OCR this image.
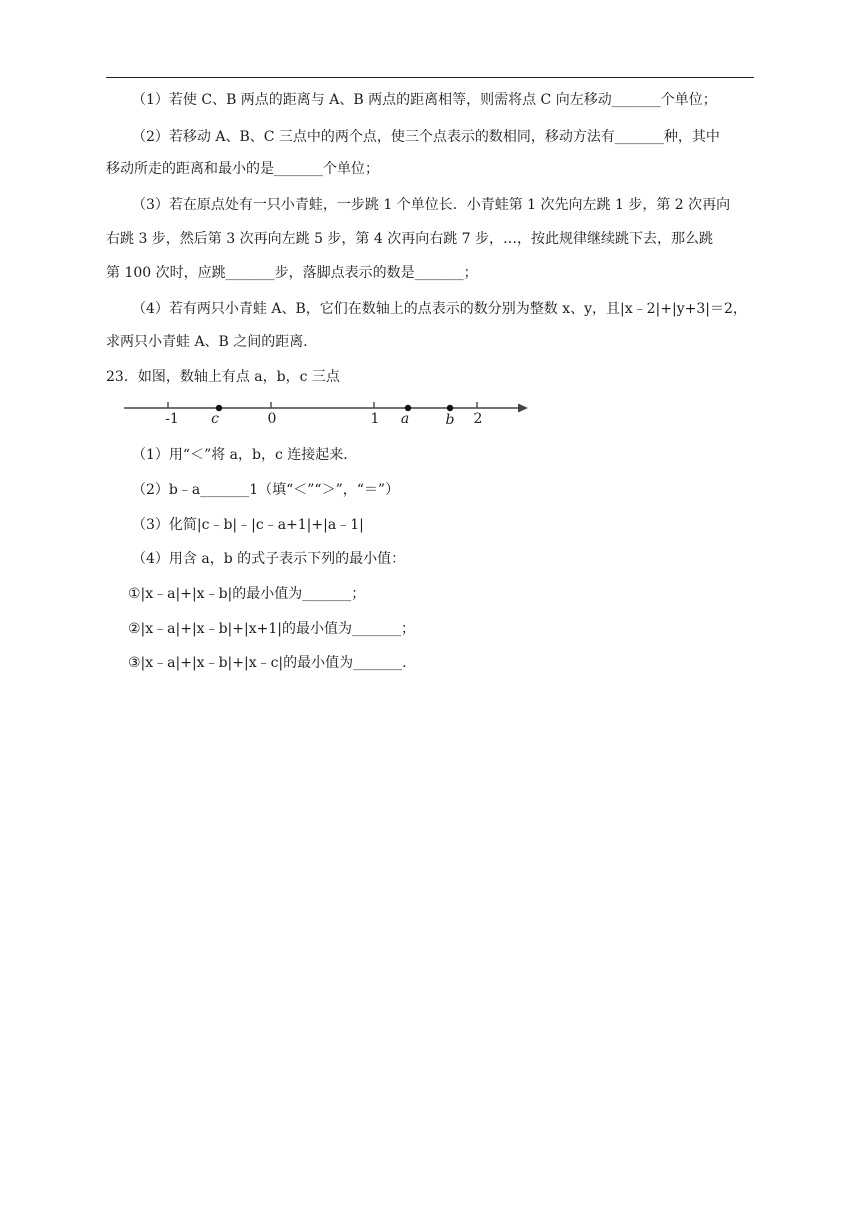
（1）若使 C、B 两点的距离与 A、B 两点的距离相等，则需将点 C 向左移动_______个单位；
（2）若移动 A、B、C 三点中的两个点，使三个点表示的数相同，移动方法有_______种，其中
移动所走的距离和最小的是_______个单位；
（3）若在原点处有一只小青蛙，一步跳 1 个单位长．小青蛙第 1 次先向左跳 1 步，第 2 次再向
右跳 3 步，然后第 3 次再向左跳 5 步，第 4 次再向右跳 7 步，…，按此规律继续跳下去，那么跳
第 100 次时，应跳_______步，落脚点表示的数是_______；
（4）若有两只小青蛙 A、B，它们在数轴上的点表示的数分别为整数 x、y，且|x﹣2|+|y+3|＝2，
求两只小青蛙 A、B 之间的距离．
23．如图，数轴上有点 a，b，c 三点
-1	0	1	2
c	a	b
（1）用“＜”将 a，b，c 连接起来．
（2）b﹣a_______1（填“＜”“＞”，“＝”）
（3）化简|c﹣b|﹣|c﹣a+1|+|a﹣1|
（4）用含 a，b 的式子表示下列的最小值：
①|x﹣a|+|x﹣b|的最小值为_______；
②|x﹣a|+|x﹣b|+|x+1|的最小值为_______；
③|x﹣a|+|x﹣b|+|x﹣c|的最小值为_______.
